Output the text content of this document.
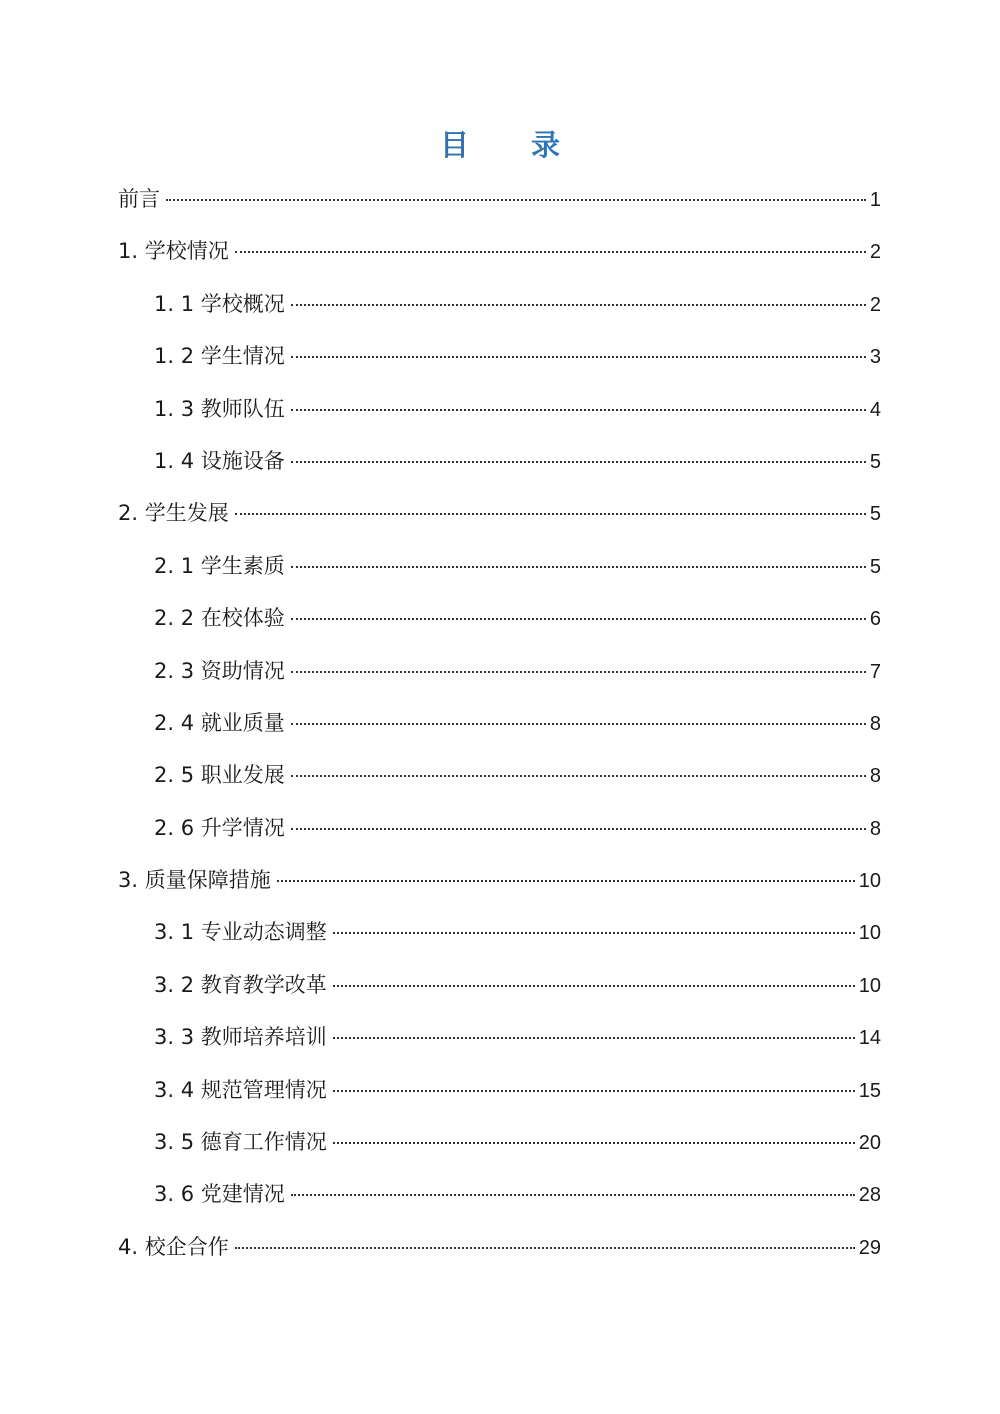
目 录
前言	1
1. 学校情况	2
1. 1 学校概况	2
1. 2 学生情况	3
1. 3 教师队伍	4
1. 4 设施设备	5
2. 学生发展	5
2. 1 学生素质	5
2. 2 在校体验	6
2. 3 资助情况	7
2. 4 就业质量	8
2. 5 职业发展	8
2. 6 升学情况	8
3. 质量保障措施	10
3. 1 专业动态调整	10
3. 2 教育教学改革	10
3. 3 教师培养培训	14
3. 4 规范管理情况	15
3. 5 德育工作情况	20
3. 6 党建情况	28
4. 校企合作	29
